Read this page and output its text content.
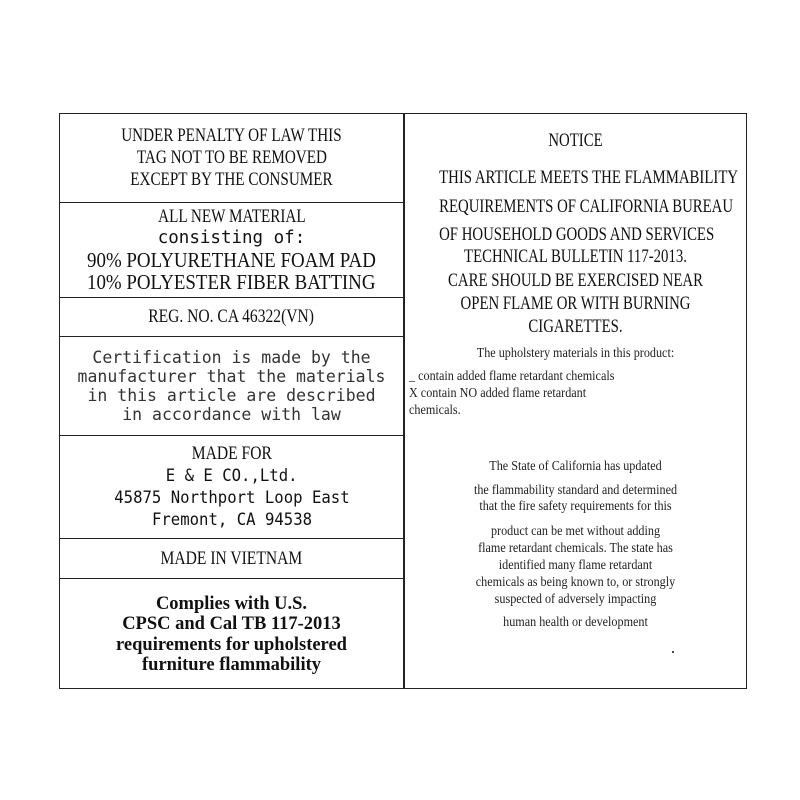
UNDER PENALTY OF LAW THIS
TAG NOT TO BE REMOVED
EXCEPT BY THE CONSUMER
ALL NEW MATERIAL
consisting of:
90% POLYURETHANE FOAM PAD
10% POLYESTER FIBER BATTING
REG. NO. CA 46322(VN)
Certification is made by the
manufacturer that the materials
in this article are described
in accordance with law
MADE FOR
E & E CO.,Ltd.
45875 Northport Loop East
Fremont, CA 94538
MADE IN VIETNAM
Complies with U.S.
CPSC and Cal TB 117-2013
requirements for upholstered
furniture flammability
NOTICE
THIS ARTICLE MEETS THE FLAMMABILITY
REQUIREMENTS OF CALIFORNIA BUREAU
OF HOUSEHOLD GOODS AND SERVICES
TECHNICAL BULLETIN 117-2013.
CARE SHOULD BE EXERCISED NEAR
OPEN FLAME OR WITH BURNING
CIGARETTES.
The upholstery materials in this product:
_ contain added flame retardant chemicals
X contain NO added flame retardant
chemicals.
The State of California has updated
the flammability standard and determined
that the fire safety requirements for this
product can be met without adding
flame retardant chemicals. The state has
identified many flame retardant
chemicals as being known to, or strongly
suspected of adversely impacting
human health or development
